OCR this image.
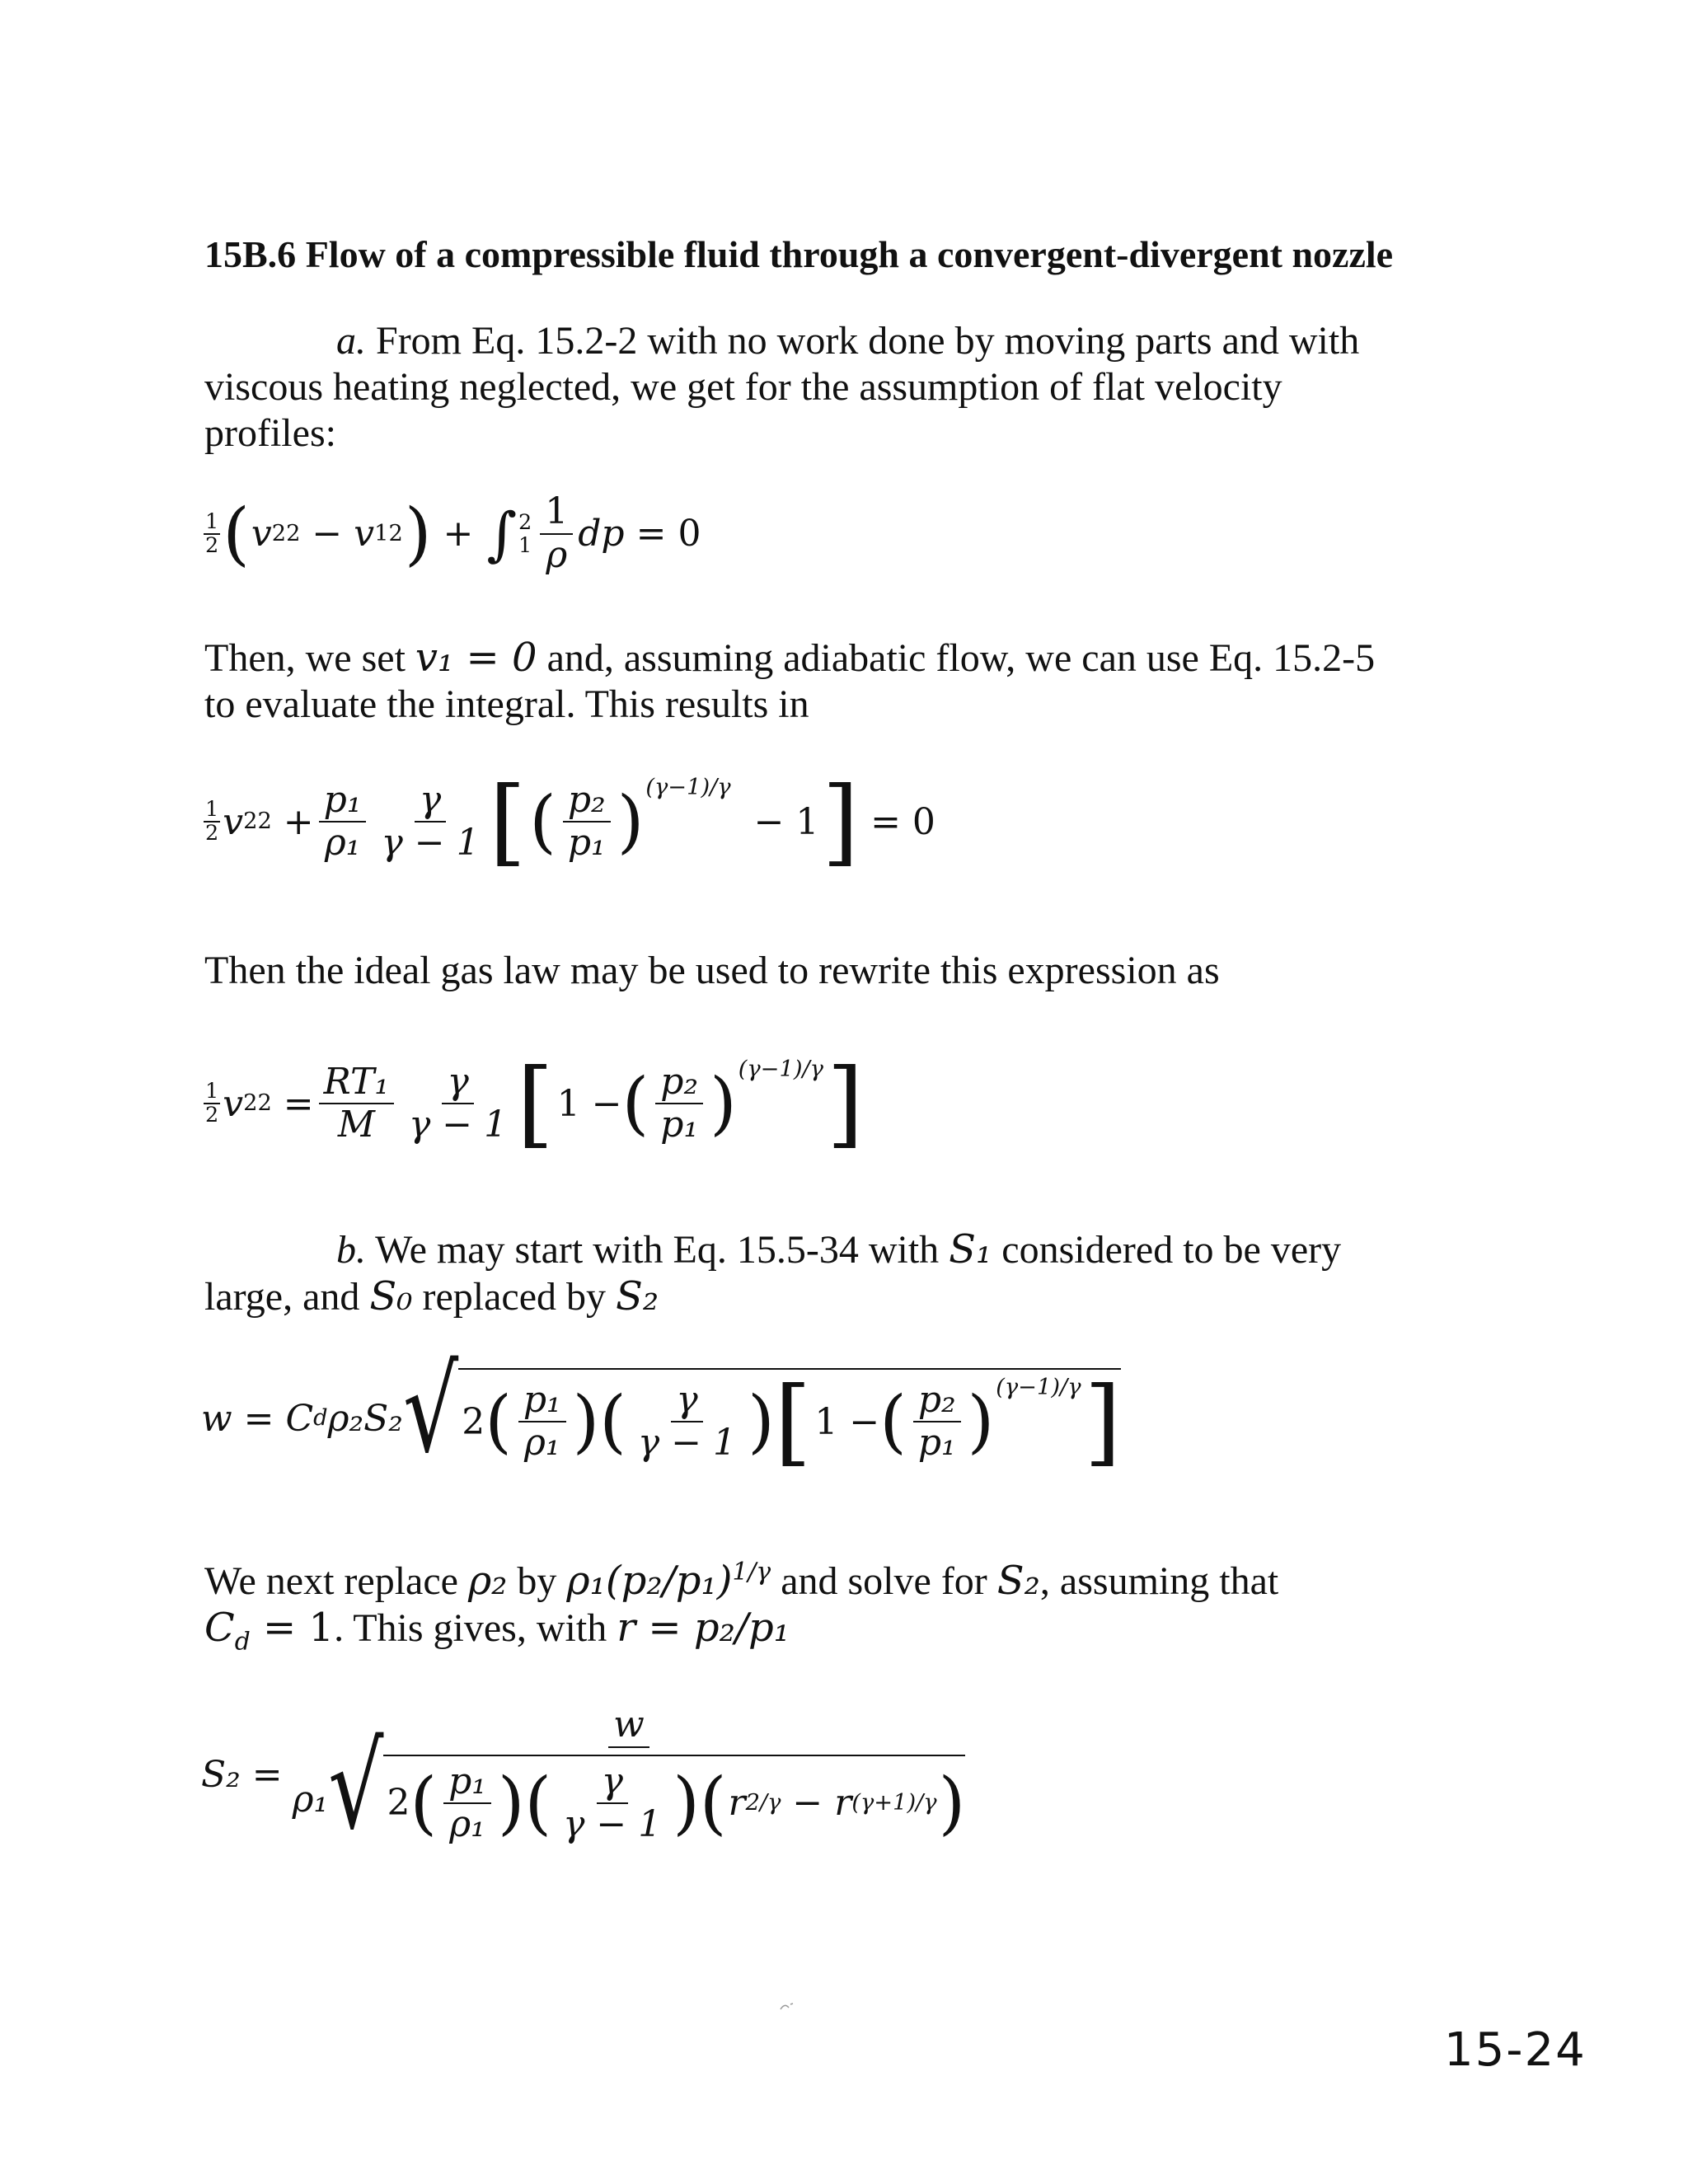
15B.6 Flow of a compressible fluid through a convergent-divergent nozzle
a. From Eq. 15.2-2 with no work done by moving parts and with viscous heating neglected, we get for the assumption of flat velocity profiles:
1
2 ( v 2 2 − v 1 2
) + ∫ 2
$1 \frac{1}{\rho}$ dp
= 0
Then, we set v₁ = 0 and, assuming adiabatic flow, we can use Eq. 15.2-5 to evaluate the integral. This results in
1
2 v 2 $2 + \frac{\text{p₁}}{\text{ρ₁}} \frac{\gamma}{\gamma - 1}$ ( [ $\frac{\text{p₂}}{\text{p₁}}$
) (γ−1)/γ

− 1
]
= 0
Then the ideal gas law may be used to rewrite this expression as
1
2 v 2 $2 = \frac{\text{RT₁}}{M} \frac{\gamma}{\gamma - 1}$ [ 1 − ( $\frac{\text{p₂}}{\text{p₁}}$
) (γ−1)/γ
]
b. We may start with Eq. 15.5-34 with S₁ considered to be very large, and S₀ replaced by S₂
w = C d ρ₂ S₂ √ 2 ( $\frac{\text{p₁}}{\text{ρ₁}}$
) ( $\frac{\gamma}{\gamma - 1}$
) [ 1 − ( $\frac{\text{p₂}}{\text{p₁}}$
) (γ−1)/γ
]
We next replace ρ₂ by $\rho_1(p_2/p_1)^{1/\gamma}$ and solve for S₂, assuming that $C_d = 1$. This gives, with r = p₂/p₁
S₂ =
w
ρ₁ √ 2 ( $\frac{\text{p₁}}{\text{ρ₁}}$
) ( $\frac{\gamma}{\gamma - 1}$
) ( r 2/γ − r (γ+1)/γ
)
15-24
